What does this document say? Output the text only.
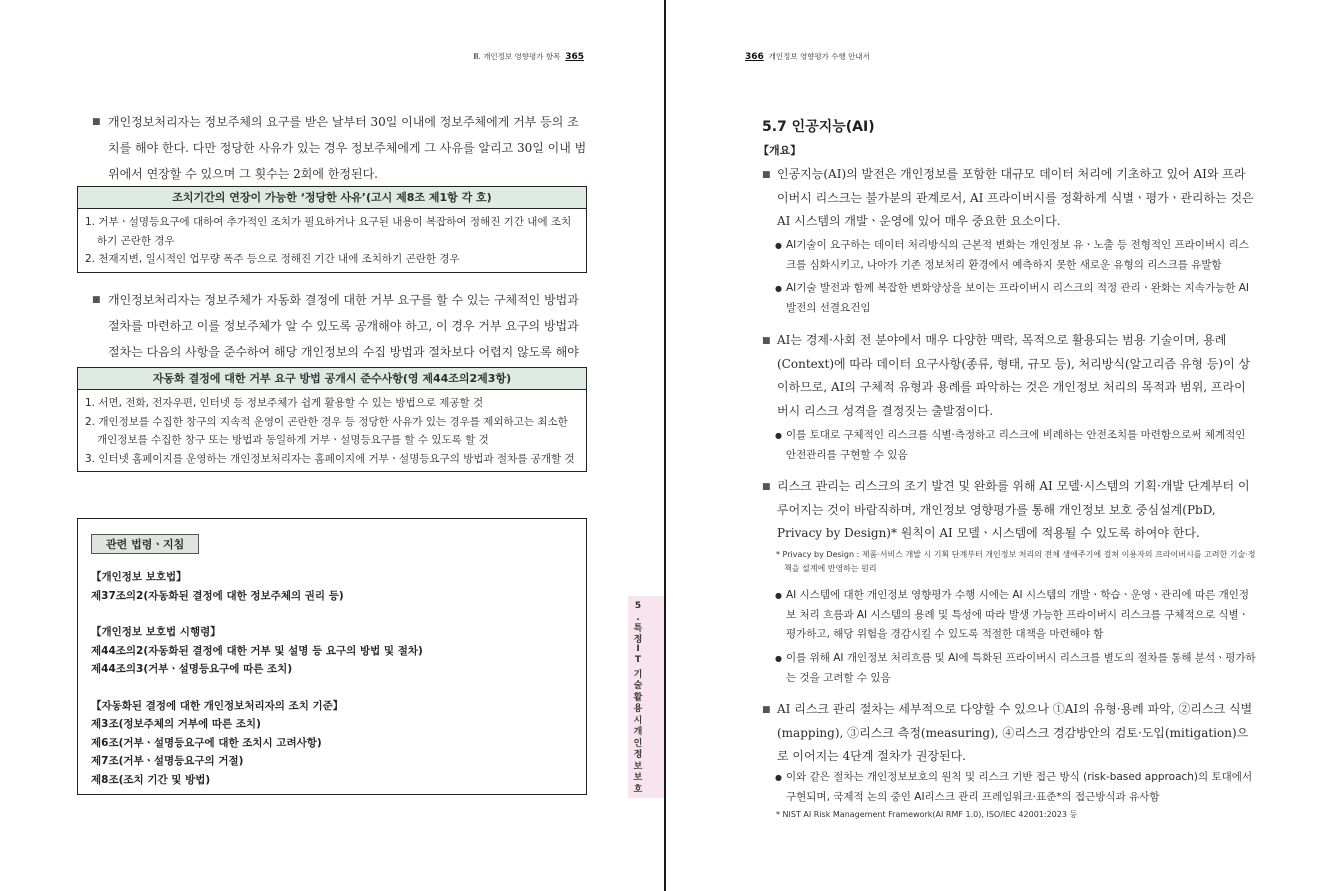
Ⅲ. 개인정보 영향평가 항목 365
■ 개인정보처리자는 정보주체의 요구를 받은 날부터 30일 이내에 정보주체에게 거부 등의 조치를 해야 한다. 다만 정당한 사유가 있는 경우 정보주체에게 그 사유를 알리고 30일 이내 범위에서 연장할 수 있으며 그 횟수는 2회에 한정된다.
조치기간의 연장이 가능한 ‘정당한 사유’(고시 제8조 제1항 각 호)
1. 거부ㆍ설명등요구에 대하여 추가적인 조치가 필요하거나 요구된 내용이 복잡하여 정해진 기간 내에 조치하기 곤란한 경우
2. 천재지변, 일시적인 업무량 폭주 등으로 정해진 기간 내에 조치하기 곤란한 경우
■ 개인정보처리자는 정보주체가 자동화 결정에 대한 거부 요구를 할 수 있는 구체적인 방법과 절차를 마련하고 이를 정보주체가 알 수 있도록 공개해야 하고, 이 경우 거부 요구의 방법과 절차는 다음의 사항을 준수하여 해당 개인정보의 수집 방법과 절차보다 어렵지 않도록 해야
자동화 결정에 대한 거부 요구 방법 공개시 준수사항(영 제44조의2제3항)
1. 서면, 전화, 전자우편, 인터넷 등 정보주체가 쉽게 활용할 수 있는 방법으로 제공할 것
2. 개인정보를 수집한 창구의 지속적 운영이 곤란한 경우 등 정당한 사유가 있는 경우를 제외하고는 최소한 개인정보를 수집한 창구 또는 방법과 동일하게 거부ㆍ설명등요구를 할 수 있도록 할 것
3. 인터넷 홈페이지를 운영하는 개인정보처리자는 홈페이지에 거부ㆍ설명등요구의 방법과 절차를 공개할 것
관련 법령ㆍ지침
【개인정보 보호법】
제37조의2(자동화된 결정에 대한 정보주체의 권리 등)
【개인정보 보호법 시행령】
제44조의2(자동화된 결정에 대한 거부 및 설명 등 요구의 방법 및 절차)
제44조의3(거부ㆍ설명등요구에 따른 조치)
【자동화된 결정에 대한 개인정보처리자의 조치 기준】
제3조(정보주체의 거부에 따른 조치)
제6조(거부ㆍ설명등요구에 대한 조치시 고려사항)
제7조(거부ㆍ설명등요구의 거절)
제8조(조치 기간 및 방법)
5
.
특
정
I
T
기
술
활
용
시
개
인
정
보
보
호
366 개인정보 영향평가 수행 안내서
5.7 인공지능(AI)
【개요】
■ 인공지능(AI)의 발전은 개인정보를 포함한 대규모 데이터 처리에 기초하고 있어 AI와 프라이버시 리스크는 불가분의 관계로서, AI 프라이버시를 정확하게 식별ㆍ평가ㆍ관리하는 것은 AI 시스템의 개발ㆍ운영에 있어 매우 중요한 요소이다.
● AI기술이 요구하는 데이터 처리방식의 근본적 변화는 개인정보 유ㆍ노출 등 전형적인 프라이버시 리스크를 심화시키고, 나아가 기존 정보처리 환경에서 예측하지 못한 새로운 유형의 리스크를 유발함
● AI기술 발전과 함께 복잡한 변화양상을 보이는 프라이버시 리스크의 적정 관리ㆍ완화는 지속가능한 AI발전의 선결요건임
■ AI는 경제·사회 전 분야에서 매우 다양한 맥락, 목적으로 활용되는 범용 기술이며, 용례(Context)에 따라 데이터 요구사항(종류, 형태, 규모 등), 처리방식(알고리즘 유형 등)이 상이하므로, AI의 구체적 유형과 용례를 파악하는 것은 개인정보 처리의 목적과 범위, 프라이버시 리스크 성격을 결정짓는 출발점이다.
● 이를 토대로 구체적인 리스크를 식별·측정하고 리스크에 비례하는 안전조치를 마련함으로써 체계적인 안전관리를 구현할 수 있음
■ 리스크 관리는 리스크의 조기 발견 및 완화를 위해 AI 모델·시스템의 기획·개발 단계부터 이루어지는 것이 바람직하며, 개인정보 영향평가를 통해 개인정보 보호 중심설계(PbD, Privacy by Design)* 원칙이 AI 모델ㆍ시스템에 적용될 수 있도록 하여야 한다.
* Privacy by Design : 제품·서비스 개발 시 기획 단계부터 개인정보 처리의 전체 생애주기에 걸쳐 이용자의 프라이버시를 고려한 기술·정책을 설계에 반영하는 원리
● AI 시스템에 대한 개인정보 영향평가 수행 시에는 AI 시스템의 개발ㆍ학습ㆍ운영ㆍ관리에 따른 개인정보 처리 흐름과 AI 시스템의 용례 및 특성에 따라 발생 가능한 프라이버시 리스크를 구체적으로 식별ㆍ평가하고, 해당 위험을 경감시킬 수 있도록 적절한 대책을 마련해야 함
● 이를 위해 AI 개인정보 처리흐름 및 AI에 특화된 프라이버시 리스크를 별도의 절차를 통해 분석ㆍ평가하는 것을 고려할 수 있음
■ AI 리스크 관리 절차는 세부적으로 다양할 수 있으나 ①AI의 유형·용례 파악, ②리스크 식별(mapping), ③리스크 측정(measuring), ④리스크 경감방안의 검토·도입(mitigation)으로 이어지는 4단계 절차가 권장된다.
● 이와 같은 절차는 개인정보보호의 원칙 및 리스크 기반 접근 방식 (risk-based approach)의 토대에서 구현되며, 국제적 논의 중인 AI리스크 관리 프레임워크·표준*의 접근방식과 유사함
* NIST AI Risk Management Framework(AI RMF 1.0), ISO/IEC 42001:2023 등
